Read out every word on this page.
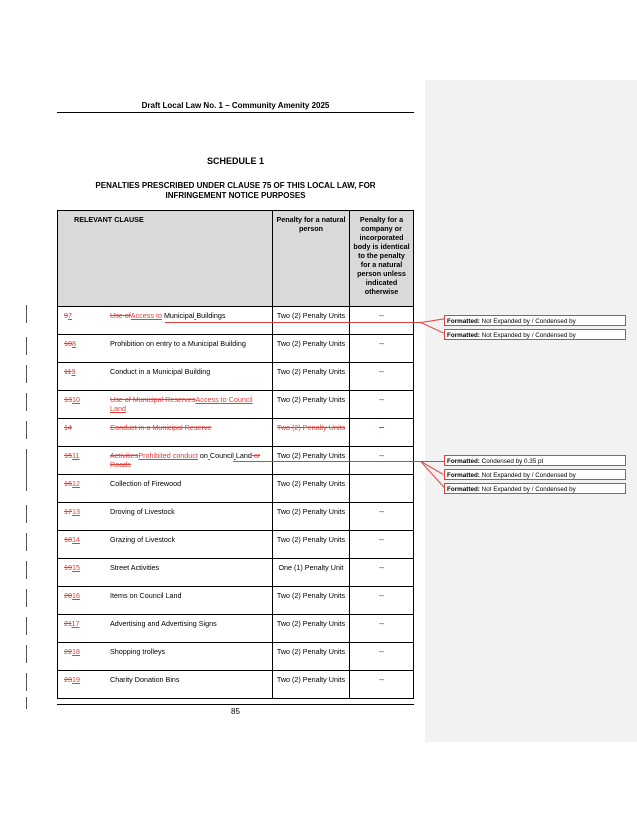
Draft Local Law No. 1 – Community Amenity 2025
SCHEDULE 1
PENALTIES PRESCRIBED UNDER CLAUSE 75 OF THIS LOCAL LAW, FOR INFRINGEMENT NOTICE PURPOSES
RELEVANT CLAUSE	Penalty for a natural person	Penalty for a company or incorporated body is identical to the penalty for a natural person unless indicated otherwise

97 Use ofAccess to Municipal Buildings	Two (2) Penalty Units	--

108 Prohibition on entry to a Municipal Building	Two (2) Penalty Units	--

119 Conduct in a Municipal Building	Two (2) Penalty Units	--

1310 Use of Municipal ReservesAccess to Council Land	Two (2) Penalty Units	--

14 Conduct in a Municipal Reserve	Two (2) Penalty Units	--

1511 ActivitiesProhibited conduct on Council Land or Roads	Two (2) Penalty Units	--

1612 Collection of Firewood	Two (2) Penalty Units	

1713 Droving of Livestock	Two (2) Penalty Units	--

1814 Grazing of Livestock	Two (2) Penalty Units	--

1915 Street Activities	One (1) Penalty Unit	--

2016 Items on Council Land	Two (2) Penalty Units	--

2117 Advertising and Advertising Signs	Two (2) Penalty Units	--

2218 Shopping trolleys	Two (2) Penalty Units	--

2319 Charity Donation Bins	Two (2) Penalty Units	--
85
Formatted: Not Expanded by / Condensed by
Formatted: Not Expanded by / Condensed by
Formatted: Condensed by 0.35 pt
Formatted: Not Expanded by / Condensed by
Formatted: Not Expanded by / Condensed by
